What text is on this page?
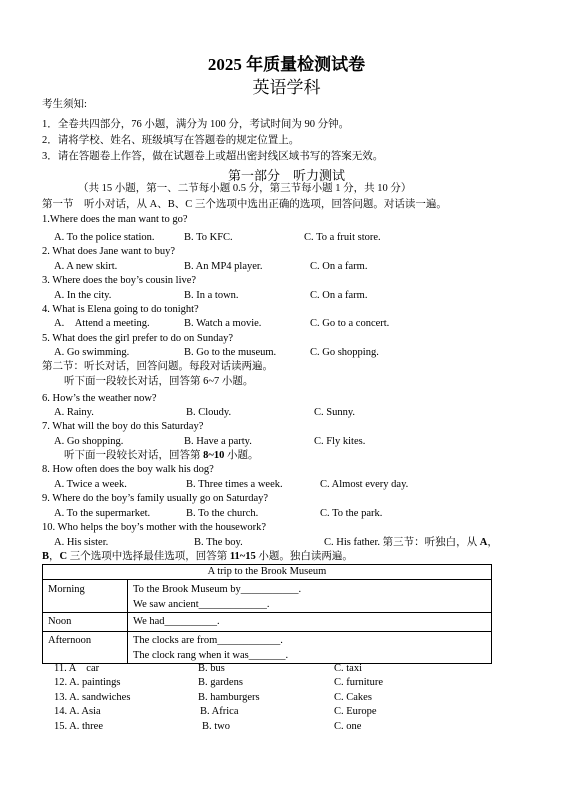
2025 年质量检测试卷
英语学科
考生须知:
1．全卷共四部分，76 小题，满分为 100 分，考试时间为 90 分钟。
2．请将学校、姓名、班级填写在答题卷的规定位置上。
3．请在答题卷上作答，做在试题卷上或超出密封线区域书写的答案无效。
第一部分　听力测试
（共 15 小题，第一、二节每小题 0.5 分，第三节每小题 1 分，共 10 分）
第一节　听小对话，从 A、B、C 三个选项中选出正确的选项，回答问题。对话读一遍。
1.Where does the man want to go?
A. To the police station.	B. To KFC.	C. To a fruit store.
2. What does Jane want to buy?
A. A new skirt.	B. An MP4 player.	C. On a farm.
3. Where does the boy’s cousin live?
A. In the city.	B. In a town.	C. On a farm.
4. What is Elena going to do tonight?
A.　Attend a meeting.	B. Watch a movie.	C. Go to a concert.
5. What does the girl prefer to do on Sunday?
A. Go swimming.	B. Go to the museum.	C. Go shopping.
第二节：听长对话，回答问题。每段对话读两遍。
听下面一段较长对话，回答第 6~7 小题。
6. How’s the weather now?
A. Rainy.	B. Cloudy.	C. Sunny.
7. What will the boy do this Saturday?
A. Go shopping.	B. Have a party.	C. Fly kites.
听下面一段较长对话，回答第 8~10 小题。
8. How often does the boy walk his dog?
A. Twice a week.	B. Three times a week.	C. Almost every day.
9. Where do the boy’s family usually go on Saturday?
A. To the supermarket.	B. To the church.	C. To the park.
10. Who helps the boy’s mother with the housework?
A. His sister.	B. The boy.	C. His father. 第三节：听独白，从 A，
B，C 三个选项中选择最佳选项，回答第 11~15 小题。独白读两遍。
A trip to the Brook Museum	
Morning	To the Brook Museum by___________.
We saw ancient_____________.

Noon	We had__________.
Afternoon	The clocks are from____________.
The clock rang when it was_______.
11. A　car	B. bus	C. taxi
12. A. paintings	B. gardens	C. furniture
13. A. sandwiches	B. hamburgers	C. Cakes
14. A. Asia	B. Africa	C. Europe
15. A. three	B. two	C. one
